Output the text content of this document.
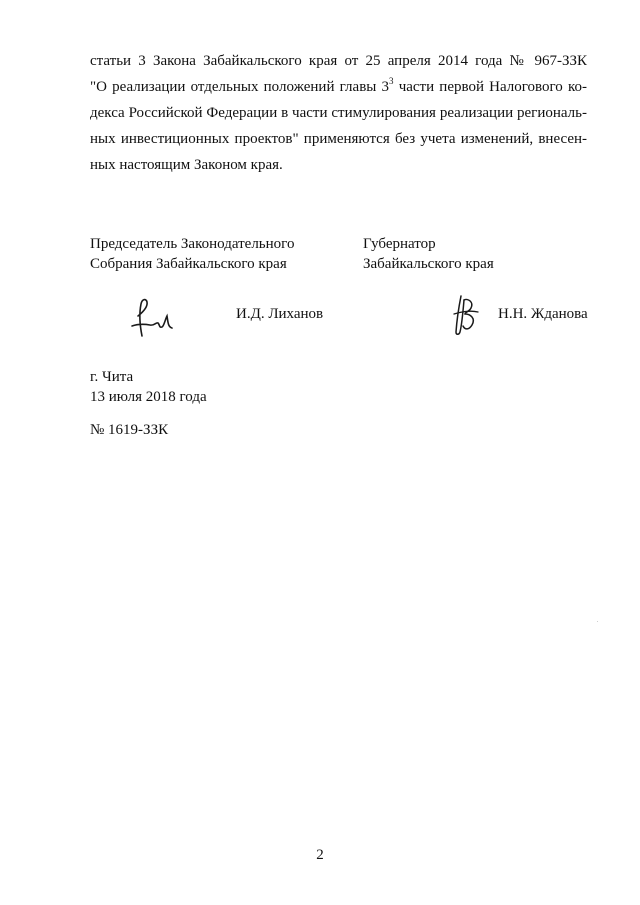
статьи 3 Закона Забайкальского края от 25 апреля 2014 года № 967-ЗЗК
"О реализации отдельных положений главы $3^3$ части первой Налогового ко-
декса Российской Федерации в части стимулирования реализации региональ-
ных инвестиционных проектов" применяются без учета изменений, внесен-
ных настоящим Законом края.
Председатель Законодательного
Собрания Забайкальского края
И.Д. Лиханов
Губернатор
Забайкальского края
Н.Н. Жданова
г. Чита
13 июля 2018 года
№ 1619-ЗЗК
2
